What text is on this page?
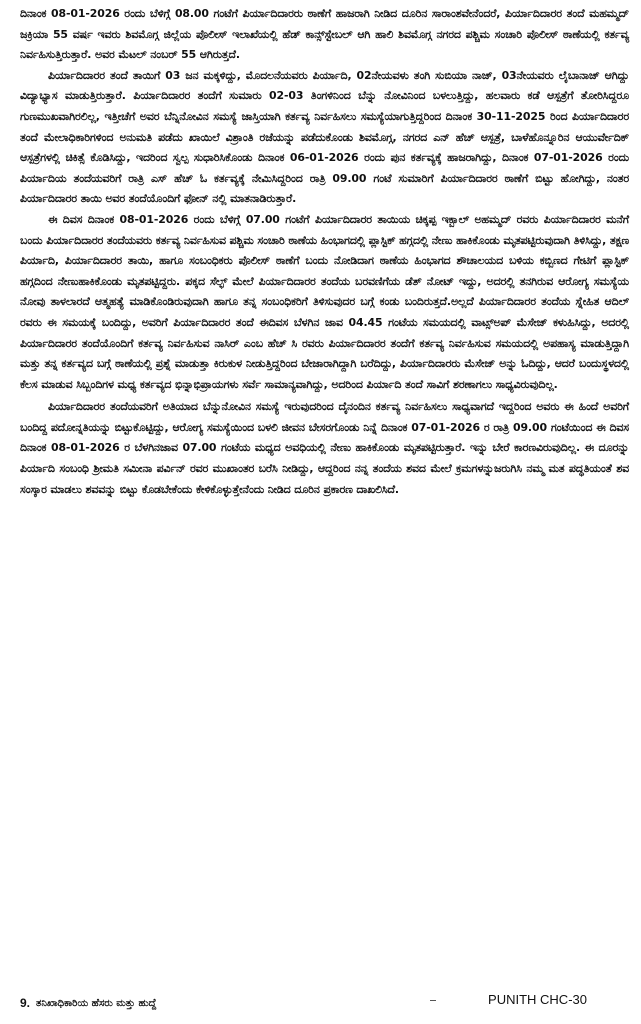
ದಿನಾಂಕ 08-01-2026 ರಂದು ಬೆಳಿಗ್ಗೆ 08.00 ಗಂಟೆಗೆ ಪಿರ್ಯಾದಿದಾರರು ಠಾಣೆಗೆ ಹಾಜರಾಗಿ ನೀಡಿದ ದೂರಿನ ಸಾರಾಂಶವೇನೆಂದರೆ, ಪಿರ್ಯಾದಿದಾರರ ತಂದೆ ಮಹಮ್ಮದ್ ಜಕ್ರಿಯಾ 55 ವರ್ಷ ಇವರು ಶಿವಮೊಗ್ಗ ಜಿಲ್ಲೆಯ ಪೊಲೀಸ್ ಇಲಾಖೆಯಲ್ಲಿ ಹೆಡ್ ಕಾನ್ಸ್‌ಸ್ಟೇಬಲ್ ಆಗಿ ಹಾಲಿ ಶಿವಮೊಗ್ಗ ನಗರದ ಪಶ್ಚಿಮ ಸಂಚಾರಿ ಪೊಲೀಸ್ ಠಾಣೆಯಲ್ಲಿ ಕರ್ತವ್ಯ ನಿರ್ವಹಿಸುತ್ತಿರುತ್ತಾರೆ. ಅವರ ಮೆಟಲ್ ನಂಬರ್ 55 ಆಗಿರುತ್ತದೆ.

ಪಿರ್ಯಾದಿದಾರರ ತಂದೆ ತಾಯಿಗೆ 03 ಜನ ಮಕ್ಕಳಿದ್ದು, ಮೊದಲನೆಯವರು ಪಿರ್ಯಾದಿ, 02ನೇಯವಳು ತಂಗಿ ಸುಬಿಯಾ ನಾಜ್, 03ನೇಯವರು ಲೈಬಾನಾಜ್ ಆಗಿದ್ದು ವಿದ್ಯಾಭ್ಯಾಸ ಮಾಡುತ್ತಿರುತ್ತಾರೆ. ಪಿರ್ಯಾದಿದಾರರ ತಂದೆಗೆ ಸುಮಾರು 02-03 ತಿಂಗಳಿನಿಂದ ಬೆನ್ನು ನೋವಿನಿಂದ ಬಳಲುತ್ತಿದ್ದು, ಹಲವಾರು ಕಡೆ ಆಸ್ಪತ್ರೆಗೆ ತೋರಿಸಿದ್ದರೂ ಗುಣಮುಖವಾಗಿರಲಿಲ್ಲ, ಇತ್ತೀಚೆಗೆ ಅವರ ಬೆನ್ನಿನೋವಿನ ಸಮಸ್ಯೆ ಜಾಸ್ತಿಯಾಗಿ ಕರ್ತವ್ಯ ನಿರ್ವಹಿಸಲು ಸಮಸ್ಯೆಯಾಗುತ್ತಿದ್ದರಿಂದ ದಿನಾಂಕ 30-11-2025 ರಿಂದ ಪಿರ್ಯಾದಿದಾರರ ತಂದೆ ಮೇಲಾಧಿಕಾರಿಗಳಿಂದ ಅನುಮತಿ ಪಡೆದು ಖಾಯಿಲೆ ವಿಶ್ರಾಂತಿ ರಜೆಯನ್ನು ಪಡೆದುಕೊಂಡು ಶಿವಮೊಗ್ಗ, ನಗರದ ಎನ್ ಹೆಚ್ ಆಸ್ಪತ್ರೆ, ಬಾಳೆಹೊನ್ನೂರಿನ ಆಯುರ್ವೇದಿಕ್ ಆಸ್ಪತ್ರೆಗಳಲ್ಲಿ ಚಿಕಿತ್ಸೆ ಕೊಡಿಸಿದ್ದು, ಇದರಿಂದ ಸ್ವಲ್ಪ ಸುಧಾರಿಸಿಕೊಂಡು ದಿನಾಂಕ 06-01-2026 ರಂದು ಪುನ ಕರ್ತವ್ಯಕ್ಕೆ ಹಾಜರಾಗಿದ್ದು, ದಿನಾಂಕ 07-01-2026 ರಂದು ಪಿರ್ಯಾದಿಯ ತಂದೆಯವರಿಗೆ ರಾತ್ರಿ ಎಸ್ ಹೆಚ್ ಓ ಕರ್ತವ್ಯಕ್ಕೆ ನೇಮಿಸಿದ್ದರಿಂದ ರಾತ್ರಿ 09.00 ಗಂಟೆ ಸುಮಾರಿಗೆ ಪಿರ್ಯಾದಿದಾರರ ಠಾಣೆಗೆ ಬಿಟ್ಟು ಹೋಗಿದ್ದು, ನಂತರ ಪಿರ್ಯಾದಿದಾರರ ತಾಯಿ ಅವರ ತಂದೆಯೊಂದಿಗೆ ಫೋನ್ ನಲ್ಲಿ ಮಾತನಾಡಿರುತ್ತಾರೆ.

ಈ ದಿವಸ ದಿನಾಂಕ 08-01-2026 ರಂದು ಬೆಳಿಗ್ಗೆ 07.00 ಗಂಟೆಗೆ ಪಿರ್ಯಾದಿದಾರರ ತಾಯಿಯ ಚಿಕ್ಕಪ್ಪ ಇಕ್ಬಾಲ್ ಅಹಮ್ಮದ್ ರವರು ಪಿರ್ಯಾದಿದಾರರ ಮನೆಗೆ ಬಂದು ಪಿರ್ಯಾದಿದಾರರ ತಂದೆಯವರು ಕರ್ತವ್ಯ ನಿರ್ವಹಿಸುವ ಪಶ್ಚಿಮ ಸಂಚಾರಿ ಠಾಣೆಯ ಹಿಂಭಾಗದಲ್ಲಿ ಪ್ಲಾಸ್ಟಿಕ್ ಹಗ್ಗದಲ್ಲಿ ನೇಣು ಹಾಕಿಕೊಂಡು ಮೃತಪಟ್ಟಿರುವುದಾಗಿ ತಿಳಿಸಿದ್ದು, ತಕ್ಷಣ ಪಿರ್ಯಾದಿ, ಪಿರ್ಯಾದಿದಾರರ ತಾಯಿ, ಹಾಗೂ ಸಂಬಂಧಿಕರು ಪೊಲೀಸ್ ಠಾಣೆಗೆ ಬಂದು ನೋಡಿದಾಗ ಠಾಣೆಯ ಹಿಂಭಾಗದ ಶೌಚಾಲಯದ ಬಳಿಯ ಕಬ್ಬಿಣದ ಗೇಟಿಗೆ ಪ್ಲಾಸ್ಟಿಕ್ ಹಗ್ಗದಿಂದ ನೇಣುಹಾಕಿಕೊಂಡು ಮೃತಪಟ್ಟಿದ್ದರು. ಪಕ್ಕದ ಸೆಲ್ಫ್ ಮೇಲೆ ಪಿರ್ಯಾದಿದಾರರ ತಂದೆಯ ಬರವಣಿಗೆಯ ಡೆತ್ ನೋಟ್ ಇದ್ದು, ಅದರಲ್ಲಿ ತನಗಿರುವ ಆರೋಗ್ಯ ಸಮಸ್ಯೆಯ ನೋವು ತಾಳಲಾರದೆ ಆತ್ಮಹತ್ಯೆ ಮಾಡಿಕೊಂಡಿರುವುದಾಗಿ ಹಾಗೂ ತನ್ನ ಸಂಬಂಧಿಕರಿಗೆ ತಿಳಿಸುವುದರ ಬಗ್ಗೆ ಕಂಡು ಬಂದಿರುತ್ತದೆ.ಅಲ್ಲದೆ ಪಿರ್ಯಾದಿದಾರರ ತಂದೆಯ ಸ್ನೇಹಿತ ಆದಿಲ್ ರವರು ಈ ಸಮಯಕ್ಕೆ ಬಂದಿದ್ದು, ಅವರಿಗೆ ಪಿರ್ಯಾದಿದಾರರ ತಂದೆ ಈದಿವಸ ಬೆಳಗಿನ ಜಾವ 04.45 ಗಂಟೆಯ ಸಮಯದಲ್ಲಿ ವಾಟ್ಸ್ಅಪ್ ಮೆಸೇಜ್ ಕಳುಹಿಸಿದ್ದು, ಅದರಲ್ಲಿ ಪಿರ್ಯಾದಿದಾರರ ತಂದೆಯೊಂದಿಗೆ ಕರ್ತವ್ಯ ನಿರ್ವಹಿಸುವ ನಾಸಿರ್ ಎಂಬ ಹೆಚ್ ಸಿ ರವರು ಪಿರ್ಯಾದಿದಾರರ ತಂದೆಗೆ ಕರ್ತವ್ಯ ನಿರ್ವಹಿಸುವ ಸಮಯದಲ್ಲಿ ಅಪಹಾಸ್ಯ ಮಾಡುತ್ತಿದ್ದಾಗಿ ಮತ್ತು ತನ್ನ ಕರ್ತವ್ಯದ ಬಗ್ಗೆ ಠಾಣೆಯಲ್ಲಿ ಪ್ರಶ್ನೆ ಮಾಡುತ್ತಾ ಕಿರುಕುಳ ನೀಡುತ್ತಿದ್ದರಿಂದ ಬೇಜಾರಾಗಿದ್ದಾಗಿ ಬರೆದಿದ್ದು, ಪಿರ್ಯಾದಿದಾರರು ಮೆಸೇಜ್ ಅನ್ನು ಓದಿದ್ದು, ಆದರೆ ಬಂದುಸ್ಥಳದಲ್ಲಿ ಕೆಲಸ ಮಾಡುವ ಸಿಬ್ಬಂದಿಗಳ ಮಧ್ಯ ಕರ್ತವ್ಯದ ಭಿನ್ನಾಭಿಪ್ರಾಯಗಳು ಸರ್ವೆ ಸಾಮಾನ್ಯವಾಗಿದ್ದು, ಅದರಿಂದ ಪಿರ್ಯಾದಿ ತಂದೆ ಸಾವಿಗೆ ಶರಣಾಗಲು ಸಾಧ್ಯವಿರುವುದಿಲ್ಲ.

ಪಿರ್ಯಾದಿದಾರರ ತಂದೆಯವರಿಗೆ ಅತಿಯಾದ ಬೆನ್ನುನೋವಿನ ಸಮಸ್ಯೆ ಇರುವುದರಿಂದ ದೈನಂದಿನ ಕರ್ತವ್ಯ ನಿರ್ವಹಿಸಲು ಸಾಧ್ಯವಾಗದೆ ಇದ್ದರಿಂದ ಅವರು ಈ ಹಿಂದೆ ಅವರಿಗೆ ಬಂದಿದ್ದ ಪದೋನ್ನತಿಯನ್ನು ಬಿಟ್ಟುಕೊಟ್ಟಿದ್ದು, ಆರೋಗ್ಯ ಸಮಸ್ಯೆಯಿಂದ ಬಳಲಿ ಜೀವನ ಬೇಸರಗೊಂಡು ನಿನ್ನೆ ದಿನಾಂಕ 07-01-2026 ರ ರಾತ್ರಿ 09.00 ಗಂಟೆಯಿಂದ ಈ ದಿವಸ ದಿನಾಂಕ 08-01-2026 ರ ಬೆಳಗಿನಜಾವ 07.00 ಗಂಟೆಯ ಮಧ್ಯದ ಅವಧಿಯಲ್ಲಿ ನೇಣು ಹಾಕಿಕೊಂಡು ಮೃತಪಟ್ಟಿರುತ್ತಾರೆ. ಇನ್ನು ಬೇರೆ ಕಾರಣವಿರುವುದಿಲ್ಲ. ಈ ದೂರನ್ನು ಪಿರ್ಯಾದಿ ಸಂಬಂಧಿ ಶ್ರೀಮತಿ ಸಮೀನಾ ಪರ್ವಿನ್ ರವರ ಮುಖಾಂತರ ಬರೆಸಿ ನೀಡಿದ್ದು, ಆದ್ದರಿಂದ ನನ್ನ ತಂದೆಯ ಶವದ ಮೇಲೆ ಕ್ರಮಗಳನ್ನುಜರುಗಿಸಿ ನಮ್ಮ ಮತ ಪದ್ಧತಿಯಂತೆ ಶವ ಸಂಸ್ಕಾರ ಮಾಡಲು ಶವವನ್ನು ಬಿಟ್ಟು ಕೊಡಬೇಕೆಂದು ಕೇಳಿಕೊಳ್ಳುತ್ತೇನೆಂದು ನೀಡಿದ ದೂರಿನ ಪ್ರಕಾರಣ ದಾಖಲಿಸಿದೆ.

9. ತನಿಖಾಧಿಕಾರಿಯ ಹೆಸರು ಮತ್ತು ಹುದ್ದೆ	PUNITH CHC-30
